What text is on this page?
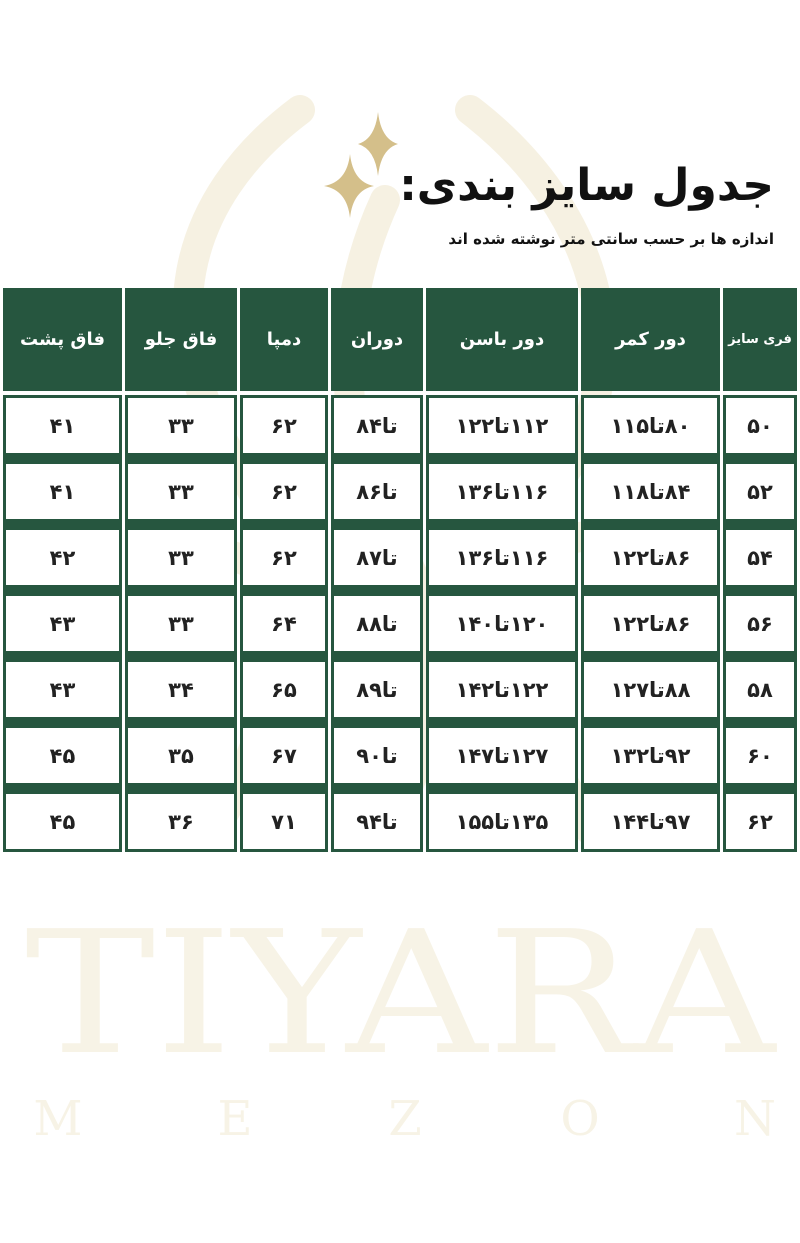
TIYARA
M	E	Z	O	N
جدول سایز بندی:

اندازه ها بر حسب سانتی متر نوشته شده اند

فاق پشت	فاق جلو	دمپا	دوران	دور باسن	دور کمر	فری سایز

۴۱	۳۳	۶۲	تا۸۴	۱۱۲تا۱۲۲	۸۰تا۱۱۵	۵۰

۴۱	۳۳	۶۲	تا۸۶	۱۱۶تا۱۳۶	۸۴تا۱۱۸	۵۲

۴۲	۳۳	۶۲	تا۸۷	۱۱۶تا۱۳۶	۸۶تا۱۲۲	۵۴

۴۳	۳۳	۶۴	تا۸۸	۱۲۰تا۱۴۰	۸۶تا۱۲۲	۵۶

۴۳	۳۴	۶۵	تا۸۹	۱۲۲تا۱۴۲	۸۸تا۱۲۷	۵۸

۴۵	۳۵	۶۷	تا۹۰	۱۲۷تا۱۴۷	۹۲تا۱۳۲	۶۰

۴۵	۳۶	۷۱	تا۹۴	۱۳۵تا۱۵۵	۹۷تا۱۴۴	۶۲
